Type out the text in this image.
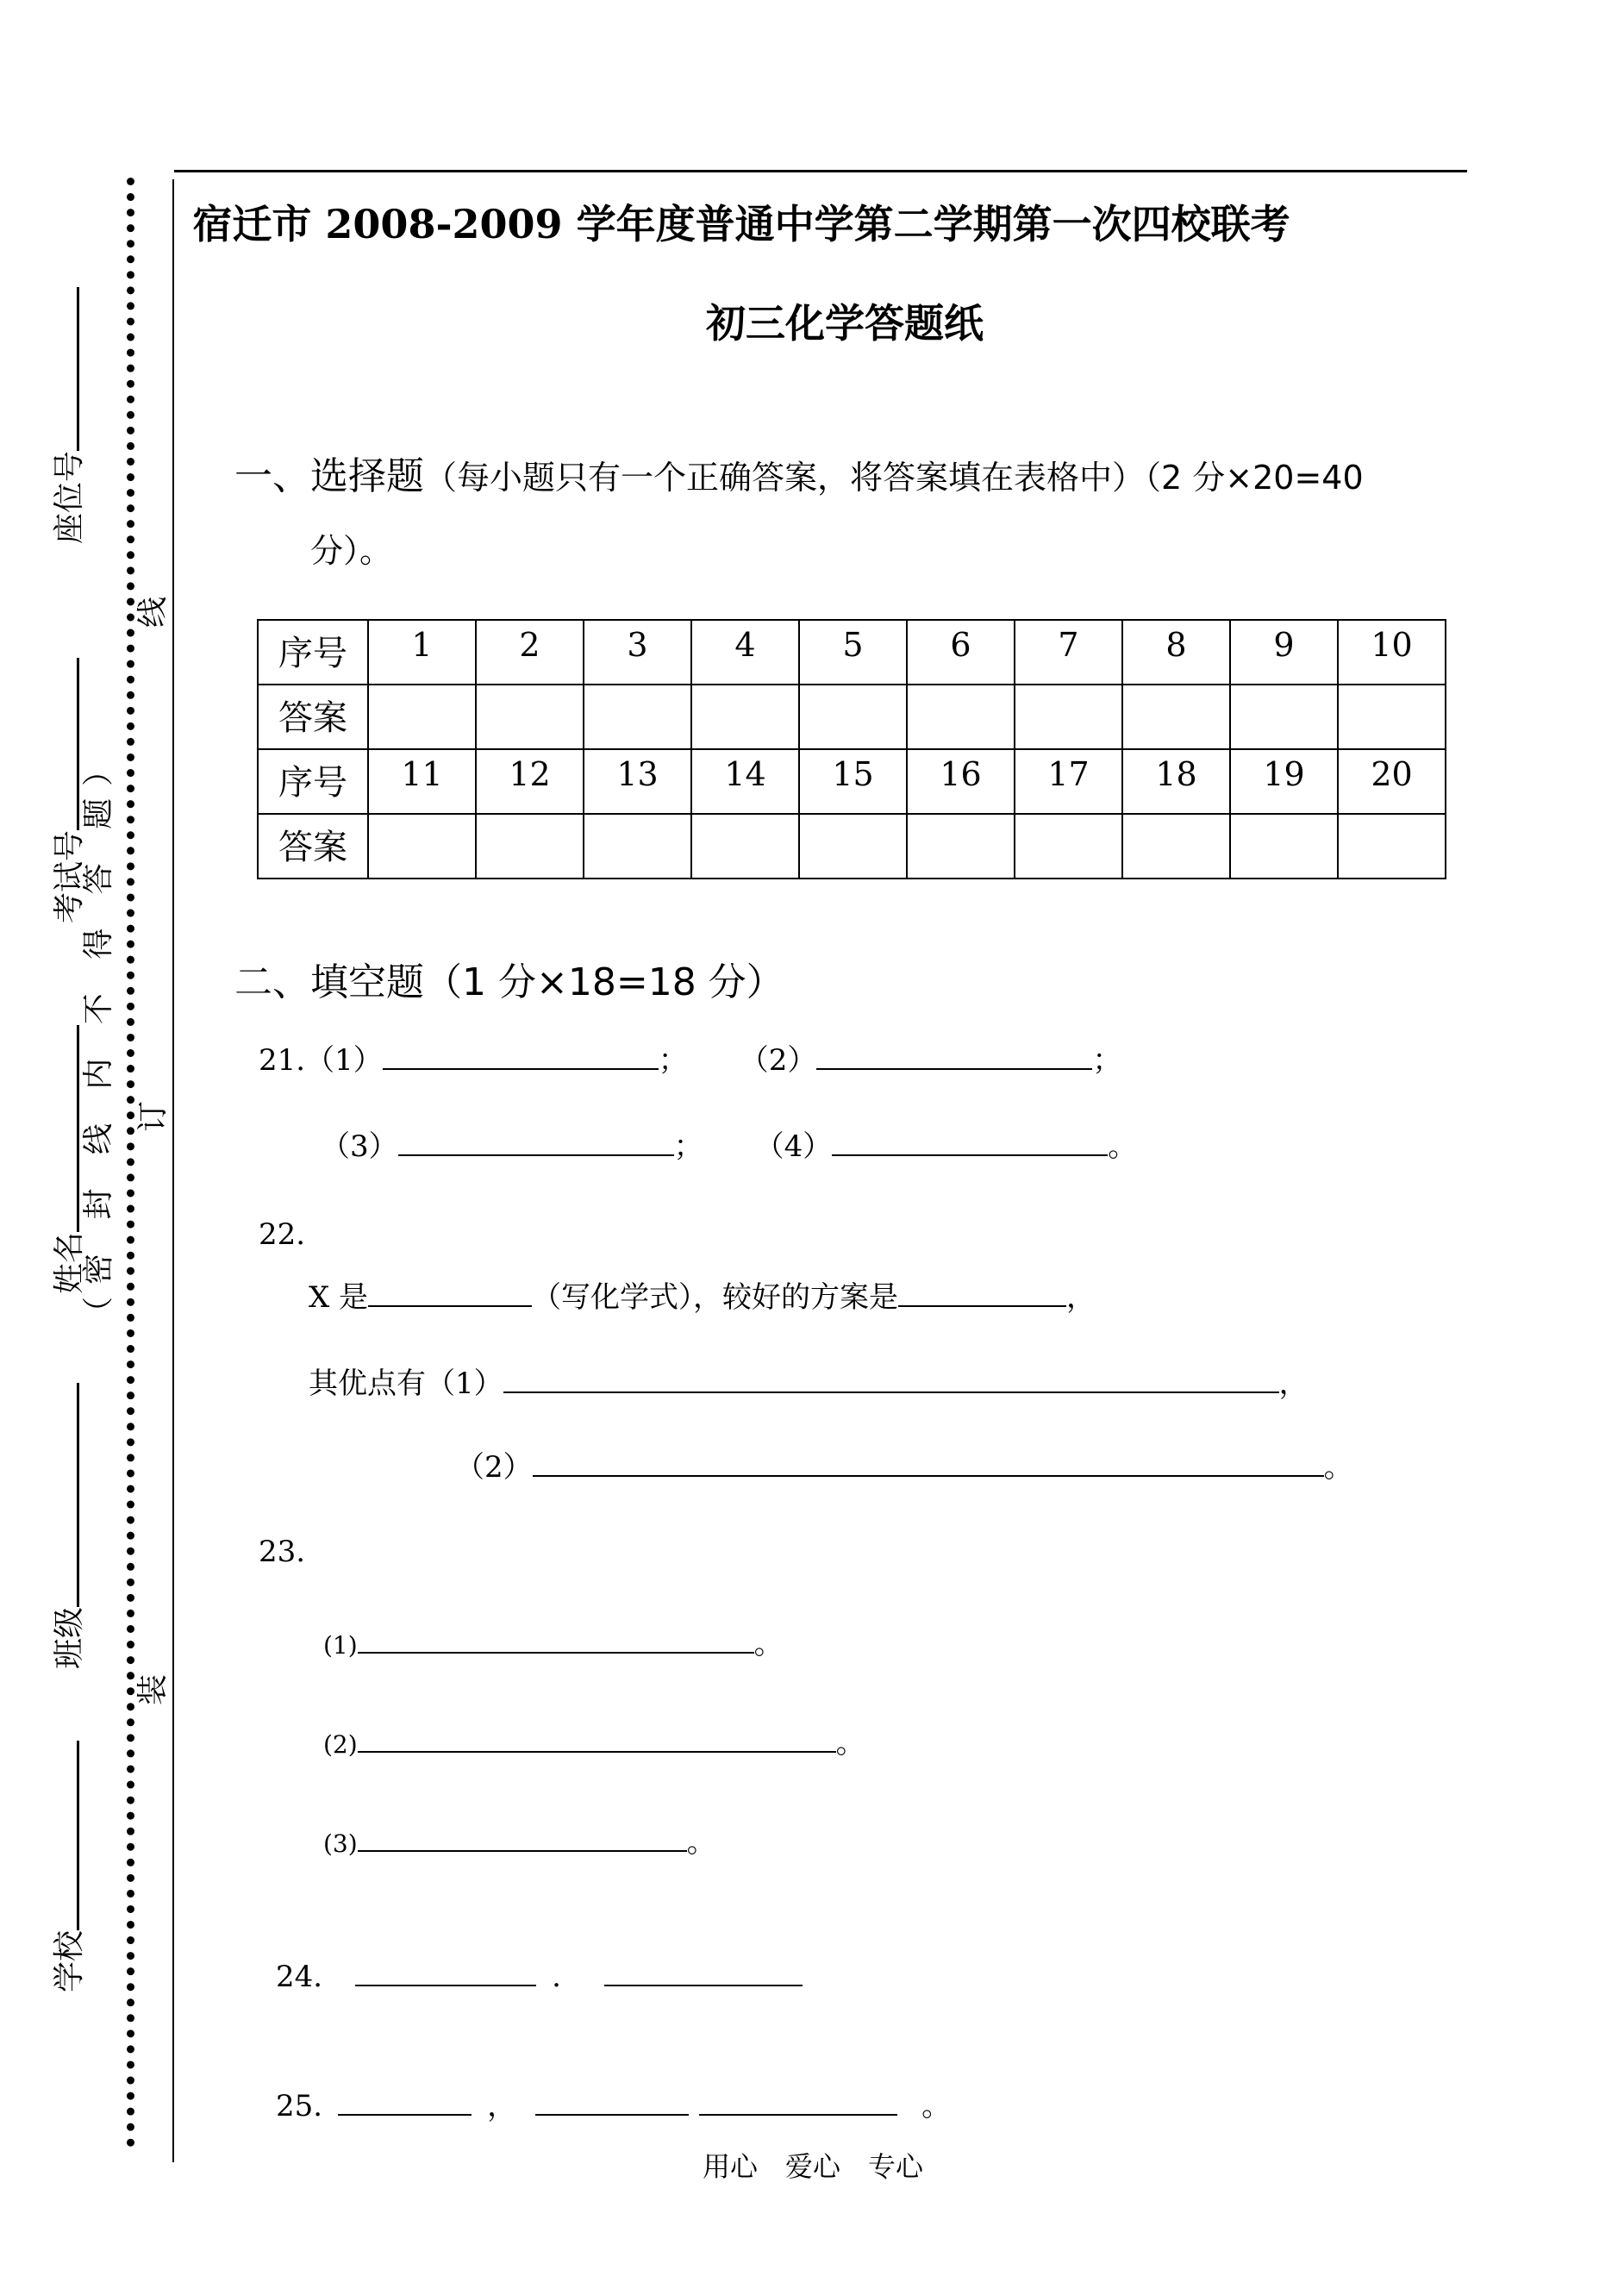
座位号
考试号
姓名
班级
学校
（密 封 线 内 不 得 答 题）
线
订
装
宿迁市 2008-2009 学年度普通中学第二学期第一次四校联考
初三化学答题纸
一、选择题（每小题只有一个正确答案，将答案填在表格中）（2 分×20=40
分）。
序号	1	2	3	4	5	6	7	8	9	10
答案										
序号	11	12	13	14	15	16	17	18	19	20
答案										
二、填空题（1 分×18=18 分）
21.（1）	； （2）	；
（3）	； （4）	。
22.
X 是	（写化学式），较好的方案是	，
其优点有（1）	，
（2）	。
23.
(1)	。
(2)	。
(3)	。
24.	.
25.	，	。
用心　爱心　专心
